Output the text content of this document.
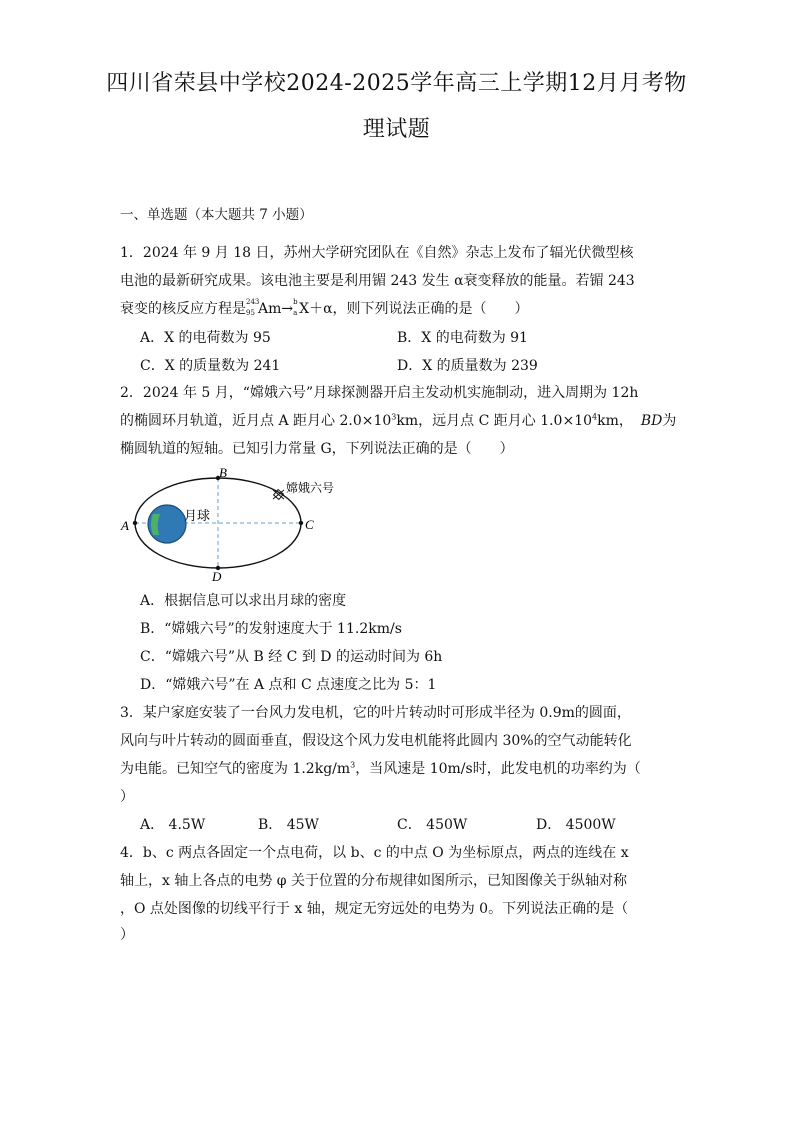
四川省荣县中学校2024-2025学年高三上学期12月月考物
理试题
一、单选题（本大题共 7 小题）
1．2024 年 9 月 18 日，苏州大学研究团队在《自然》杂志上发布了辐光伏微型核
电池的最新研究成果。该电池主要是利用镅 243 发生 α衰变释放的能量。若镅 243
衰变的核反应方程是 243
95 Am→ b
a X＋α，则下列说法正确的是（　　）
A．X 的电荷数为 95	B．X 的电荷数为 91
C．X 的质量数为 241	D．X 的质量数为 239
2．2024 年 5 月，“嫦娥六号”月球探测器开启主发动机实施制动，进入周期为 12h
的椭圆环月轨道，近月点 A 距月心 $2.0\times 10^3km$，远月点 C 距月心 $1.0\times 10^4km$， BD为
椭圆轨道的短轴。已知引力常量 G，下列说法正确的是（　　）
B
A	C
D
月球
嫦娥六号
A．根据信息可以求出月球的密度
B．“嫦娥六号”的发射速度大于 11.2km/s
C．“嫦娥六号”从 B 经 C 到 D 的运动时间为 6h
D．“嫦娥六号”在 A 点和 C 点速度之比为 5：1
3．某户家庭安装了一台风力发电机，它的叶片转动时可形成半径为 0.9m的圆面，
风向与叶片转动的圆面垂直，假设这个风力发电机能将此圆内 30%的空气动能转化
为电能。已知空气的密度为 $1.2kg/m^3$，当风速是 10m/s时，此发电机的功率约为（
）
A． 4.5W	B． 45W	C． 450W	D． 4500W
4．b、c 两点各固定一个点电荷，以 b、c 的中点 O 为坐标原点，两点的连线在 x
轴上，x 轴上各点的电势 φ 关于位置的分布规律如图所示，已知图像关于纵轴对称
，O 点处图像的切线平行于 x 轴，规定无穷远处的电势为 0。下列说法正确的是（
）
